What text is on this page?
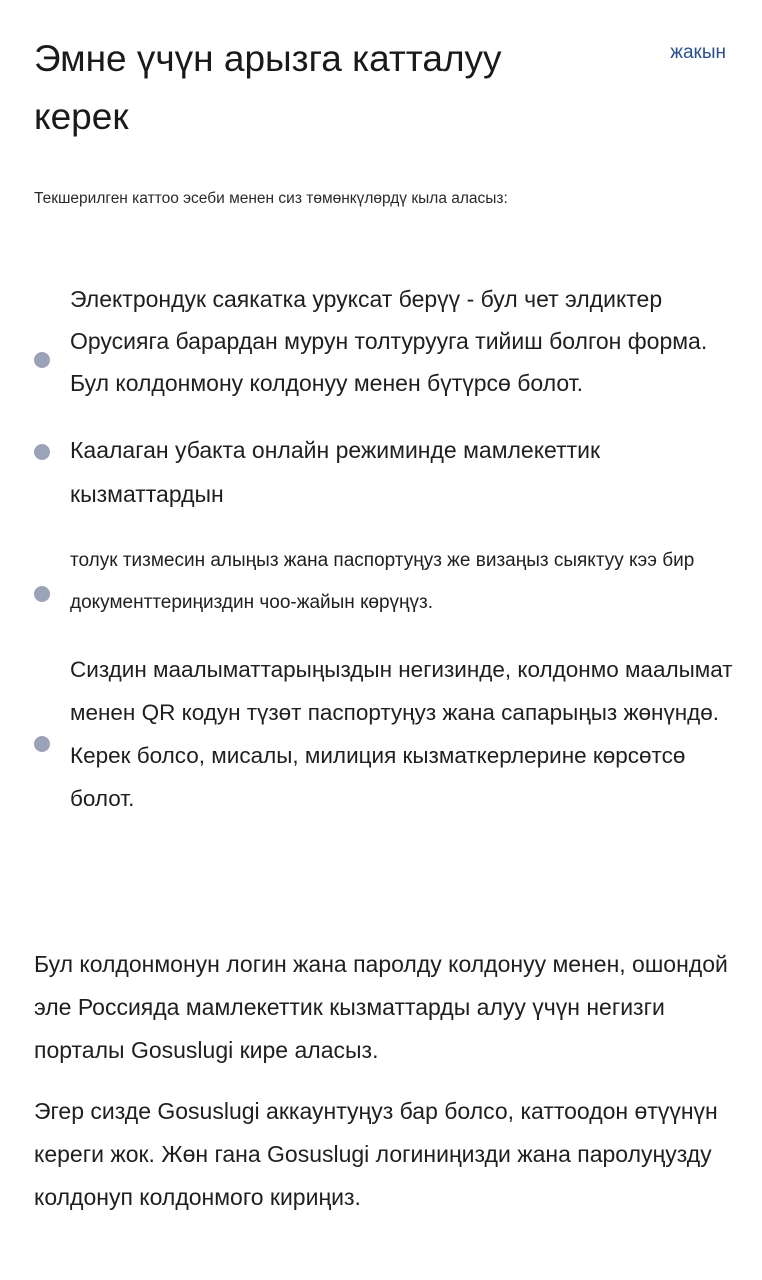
Эмне үчүн арызга катталуу керек
жакын
Текшерилген каттоо эсеби менен сиз төмөнкүлөрдү кыла аласыз:
Электрондук саякатка уруксат берүү - бул чет элдиктер Орусияга барардан мурун толтурууга тийиш болгон форма. Бул колдонмону колдонуу менен бүтүрсө болот.
Каалаган убакта онлайн режиминде мамлекеттик кызматтардын
толук тизмесин алыңыз жана паспортуңуз же визаңыз сыяктуу кээ бир документтериңиздин чоо-жайын көрүңүз.
Сиздин маалыматтарыңыздын негизинде, колдонмо маалымат менен QR кодун түзөт паспортуңуз жана сапарыңыз жөнүндө. Керек болсо, мисалы, милиция кызматкерлерине көрсөтсө болот.

Бул колдонмонун логин жана паролду колдонуу менен, ошондой эле Россияда мамлекеттик кызматтарды алуу үчүн негизги порталы Gosuslugi кире аласыз.

Эгер сизде Gosuslugi аккаунтуңуз бар болсо, каттоодон өтүүнүн кереги жок. Жөн гана Gosuslugi логиниңизди жана паролуңузду колдонуп колдонмого кириңиз.
